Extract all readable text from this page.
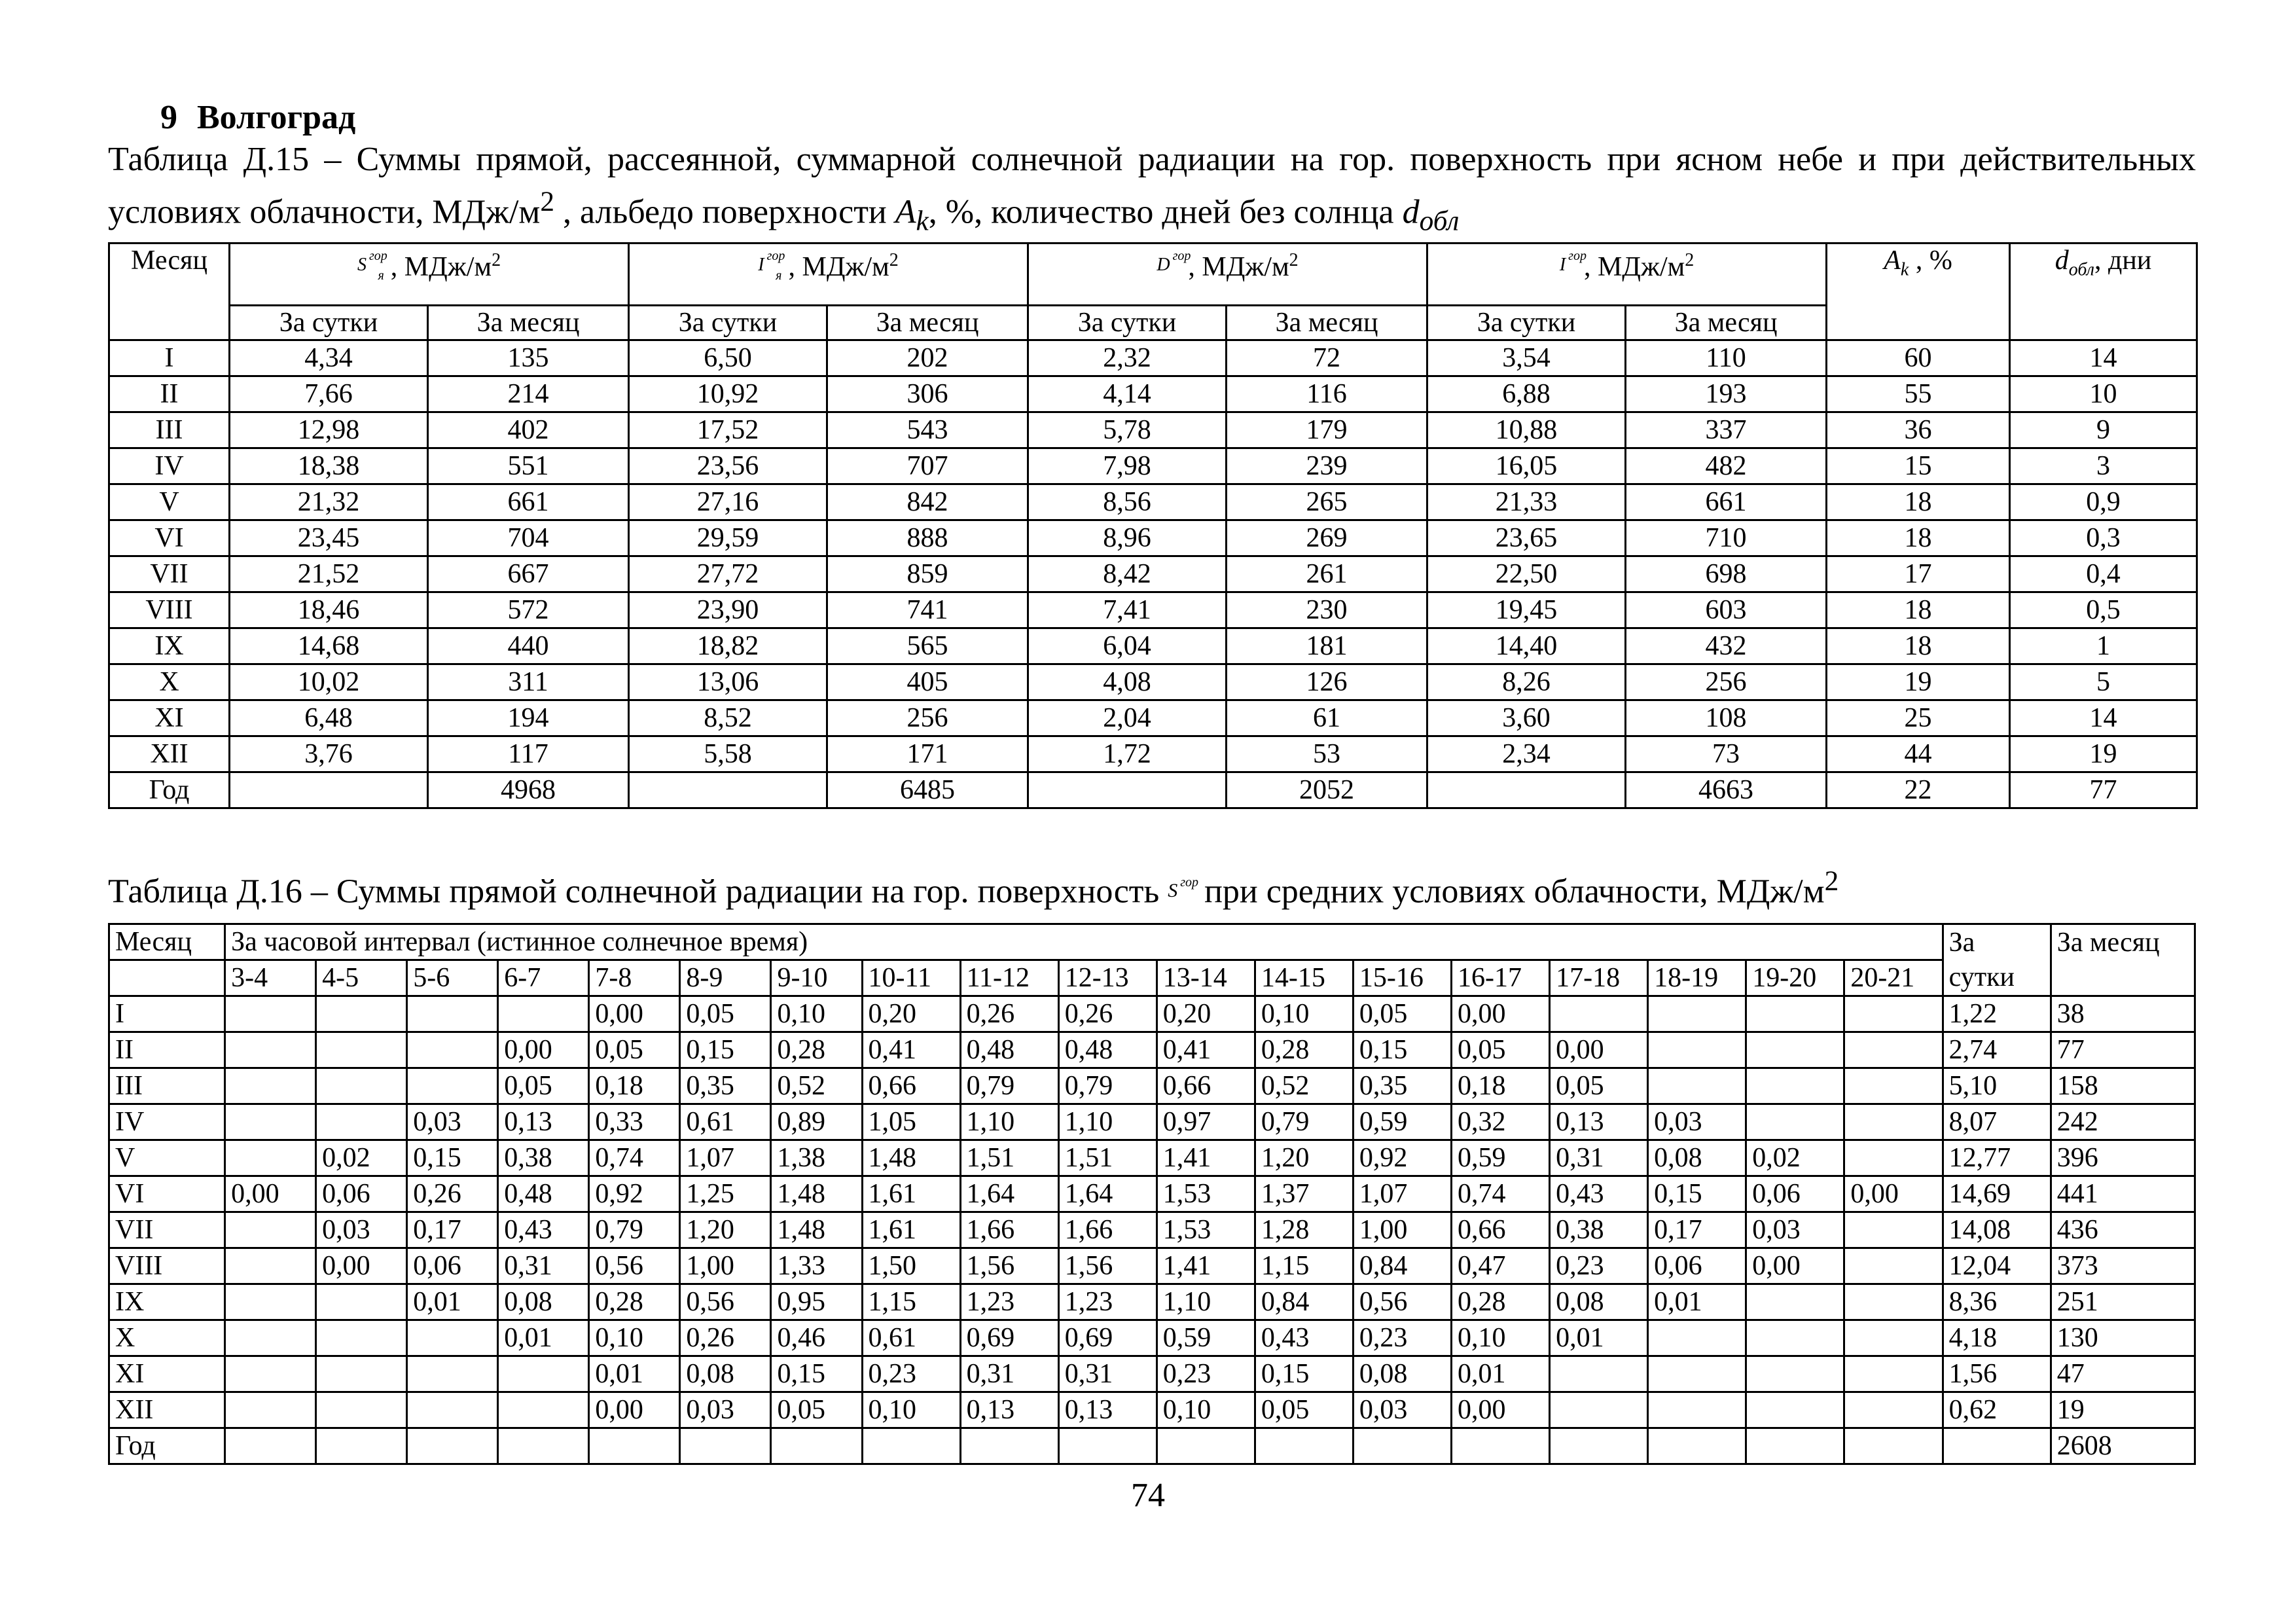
9 Волгоград
Таблица Д.15 – Суммы прямой, рассеянной, суммарной солнечной радиации на гор. поверхность при ясном небе и при действительных условиях облачности, МДж/$м^2$ , альбедо поверхности $A_k$, %, количество дней без солнца $d_{обл}$
Месяц	S $^{гор}_я$ , МДж/$м^2$		I $^{гор}_я$ , МДж/$м^2$		D $^{гор}$, МДж/$м^2$		I $^{гор}$, МДж/$м^2$		$A_k$ , %	$d_{обл}$, дни
	За сутки	За месяц	За сутки	За месяц	За сутки	За месяц	За сутки	За месяц		
I	4,34	135	6,50	202	2,32	72	3,54	110	60	14
II	7,66	214	10,92	306	4,14	116	6,88	193	55	10
III	12,98	402	17,52	543	5,78	179	10,88	337	36	9
IV	18,38	551	23,56	707	7,98	239	16,05	482	15	3
V	21,32	661	27,16	842	8,56	265	21,33	661	18	0,9
VI	23,45	704	29,59	888	8,96	269	23,65	710	18	0,3
VII	21,52	667	27,72	859	8,42	261	22,50	698	17	0,4
VIII	18,46	572	23,90	741	7,41	230	19,45	603	18	0,5
IX	14,68	440	18,82	565	6,04	181	14,40	432	18	1
X	10,02	311	13,06	405	4,08	126	8,26	256	19	5
XI	6,48	194	8,52	256	2,04	61	3,60	108	25	14
XII	3,76	117	5,58	171	1,72	53	2,34	73	44	19
Год		4968		6485		2052		4663	22	77
Таблица Д.16 – Суммы прямой солнечной радиации на гор. поверхность S $^{гор}$ при средних условиях облачности, МДж/$м^2$
Месяц	За часовой интервал (истинное солнечное время)																		За	За месяц
	3-4	4-5	5-6	6-7	7-8	8-9	9-10	10-11	11-12	12-13	13-14	14-15	15-16	16-17	17-18	18-19	19-20	20-21	сутки	
I					0,00	0,05	0,10	0,20	0,26	0,26	0,20	0,10	0,05	0,00					1,22	38
II				0,00	0,05	0,15	0,28	0,41	0,48	0,48	0,41	0,28	0,15	0,05	0,00				2,74	77
III				0,05	0,18	0,35	0,52	0,66	0,79	0,79	0,66	0,52	0,35	0,18	0,05				5,10	158
IV			0,03	0,13	0,33	0,61	0,89	1,05	1,10	1,10	0,97	0,79	0,59	0,32	0,13	0,03			8,07	242
V		0,02	0,15	0,38	0,74	1,07	1,38	1,48	1,51	1,51	1,41	1,20	0,92	0,59	0,31	0,08	0,02		12,77	396
VI	0,00	0,06	0,26	0,48	0,92	1,25	1,48	1,61	1,64	1,64	1,53	1,37	1,07	0,74	0,43	0,15	0,06	0,00	14,69	441
VII		0,03	0,17	0,43	0,79	1,20	1,48	1,61	1,66	1,66	1,53	1,28	1,00	0,66	0,38	0,17	0,03		14,08	436
VIII		0,00	0,06	0,31	0,56	1,00	1,33	1,50	1,56	1,56	1,41	1,15	0,84	0,47	0,23	0,06	0,00		12,04	373
IX			0,01	0,08	0,28	0,56	0,95	1,15	1,23	1,23	1,10	0,84	0,56	0,28	0,08	0,01			8,36	251
X				0,01	0,10	0,26	0,46	0,61	0,69	0,69	0,59	0,43	0,23	0,10	0,01				4,18	130
XI					0,01	0,08	0,15	0,23	0,31	0,31	0,23	0,15	0,08	0,01					1,56	47
XII					0,00	0,03	0,05	0,10	0,13	0,13	0,10	0,05	0,03	0,00					0,62	19
Год																				2608
74
